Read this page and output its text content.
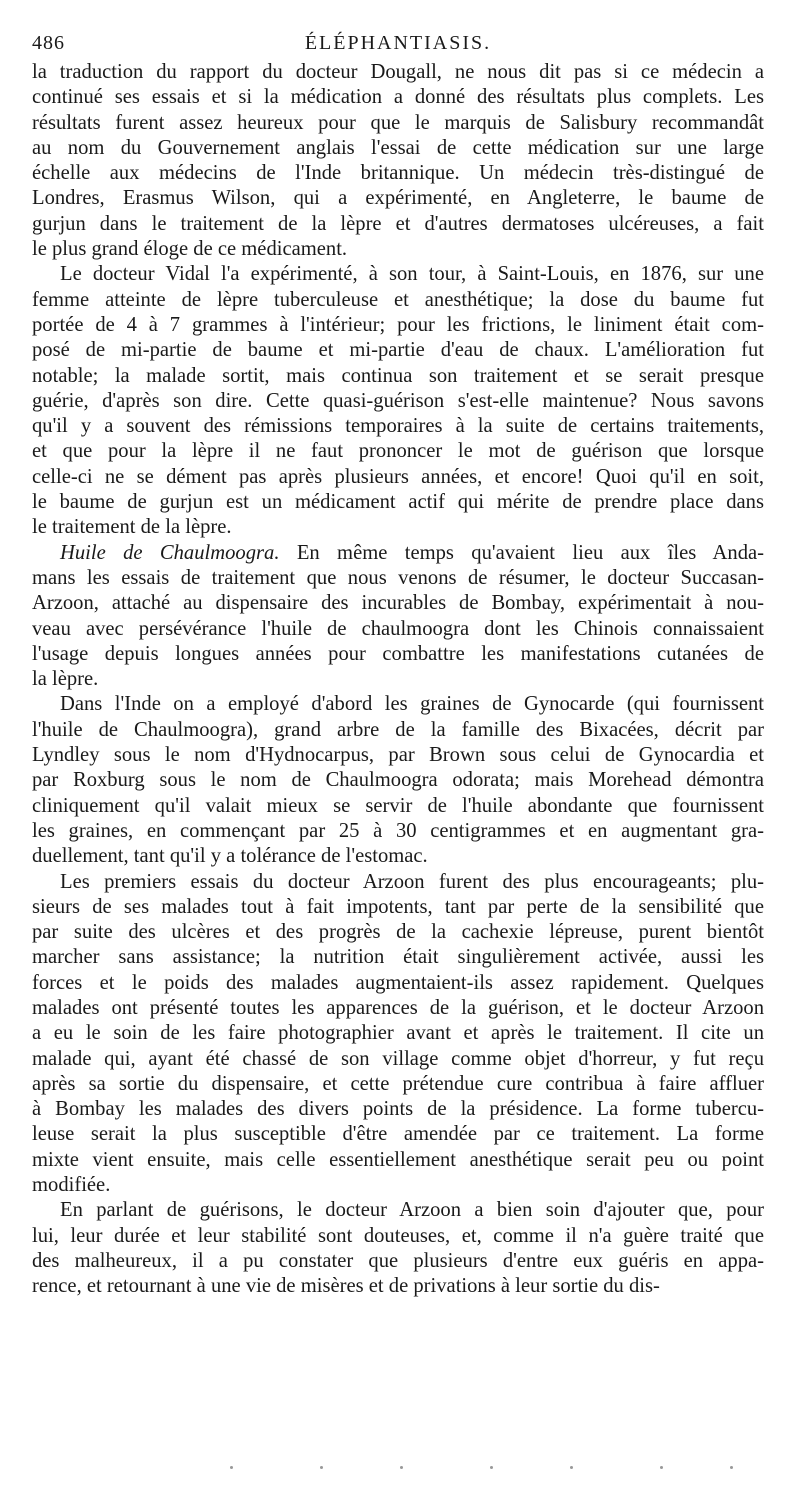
486	ÉLÉPHANTIASIS.
la traduction du rapport du docteur Dougall, ne nous dit pas si ce médecin a
continué ses essais et si la médication a donné des résultats plus complets. Les
résultats furent assez heureux pour que le marquis de Salisbury recommandât
au nom du Gouvernement anglais l'essai de cette médication sur une large
échelle aux médecins de l'Inde britannique. Un médecin très-distingué de
Londres, Erasmus Wilson, qui a expérimenté, en Angleterre, le baume de
gurjun dans le traitement de la lèpre et d'autres dermatoses ulcéreuses, a fait
le plus grand éloge de ce médicament.
Le docteur Vidal l'a expérimenté, à son tour, à Saint-Louis, en 1876, sur une
femme atteinte de lèpre tuberculeuse et anesthétique; la dose du baume fut
portée de 4 à 7 grammes à l'intérieur; pour les frictions, le liniment était com-
posé de mi-partie de baume et mi-partie d'eau de chaux. L'amélioration fut
notable; la malade sortit, mais continua son traitement et se serait presque
guérie, d'après son dire. Cette quasi-guérison s'est-elle maintenue? Nous savons
qu'il y a souvent des rémissions temporaires à la suite de certains traitements,
et que pour la lèpre il ne faut prononcer le mot de guérison que lorsque
celle-ci ne se dément pas après plusieurs années, et encore! Quoi qu'il en soit,
le baume de gurjun est un médicament actif qui mérite de prendre place dans
le traitement de la lèpre.
Huile de Chaulmoogra. En même temps qu'avaient lieu aux îles Anda-
mans les essais de traitement que nous venons de résumer, le docteur Succasan-
Arzoon, attaché au dispensaire des incurables de Bombay, expérimentait à nou-
veau avec persévérance l'huile de chaulmoogra dont les Chinois connaissaient
l'usage depuis longues années pour combattre les manifestations cutanées de
la lèpre.
Dans l'Inde on a employé d'abord les graines de Gynocarde (qui fournissent
l'huile de Chaulmoogra), grand arbre de la famille des Bixacées, décrit par
Lyndley sous le nom d'Hydnocarpus, par Brown sous celui de Gynocardia et
par Roxburg sous le nom de Chaulmoogra odorata; mais Morehead démontra
cliniquement qu'il valait mieux se servir de l'huile abondante que fournissent
les graines, en commençant par 25 à 30 centigrammes et en augmentant gra-
duellement, tant qu'il y a tolérance de l'estomac.
Les premiers essais du docteur Arzoon furent des plus encourageants; plu-
sieurs de ses malades tout à fait impotents, tant par perte de la sensibilité que
par suite des ulcères et des progrès de la cachexie lépreuse, purent bientôt
marcher sans assistance; la nutrition était singulièrement activée, aussi les
forces et le poids des malades augmentaient-ils assez rapidement. Quelques
malades ont présenté toutes les apparences de la guérison, et le docteur Arzoon
a eu le soin de les faire photographier avant et après le traitement. Il cite un
malade qui, ayant été chassé de son village comme objet d'horreur, y fut reçu
après sa sortie du dispensaire, et cette prétendue cure contribua à faire affluer
à Bombay les malades des divers points de la présidence. La forme tubercu-
leuse serait la plus susceptible d'être amendée par ce traitement. La forme
mixte vient ensuite, mais celle essentiellement anesthétique serait peu ou point
modifiée.
En parlant de guérisons, le docteur Arzoon a bien soin d'ajouter que, pour
lui, leur durée et leur stabilité sont douteuses, et, comme il n'a guère traité que
des malheureux, il a pu constater que plusieurs d'entre eux guéris en appa-
rence, et retournant à une vie de misères et de privations à leur sortie du dis-
